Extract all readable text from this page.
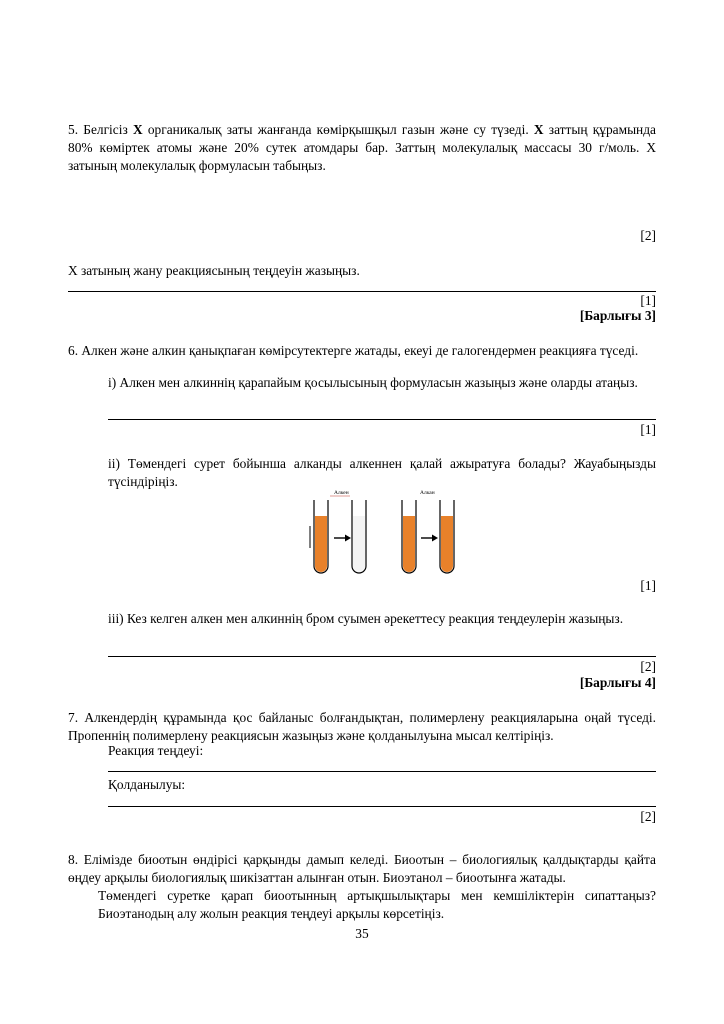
5. Белгісіз X органикалық заты жанғанда көмірқышқыл газын және су түзеді. X заттың құрамында 80% көміртек атомы және 20% сутек атомдары бар. Заттың молекулалық массасы 30 г/моль. X затының молекулалық формуласын табыңыз.
[2]
X затының жану реакциясының теңдеуін жазыңыз.
[1]
[Барлығы 3]
6. Алкен және алкин қанықпаған көмірсутектерге жатады, екеуі де галогендермен реакцияға түседі.
i) Алкен мен алкиннің қарапайым қосылысының формуласын жазыңыз және оларды атаңыз.
[1]
ii) Төмендегі сурет бойынша алканды алкеннен қалай ажыратуға болады? Жауабыңызды түсіндіріңіз.
Алкен	Алкан
[1]
iii) Кез келген алкен мен алкиннің бром суымен әрекеттесу реакция теңдеулерін жазыңыз.
[2]
[Барлығы 4]
7. Алкендердің құрамында қос байланыс болғандықтан, полимерлену реакцияларына оңай түседі. Пропеннің полимерлену реакциясын жазыңыз және қолданылуына мысал келтіріңіз.
Реакция теңдеуі:
Қолданылуы:
[2]
8. Елімізде биоотын өндірісі қарқынды дамып келеді. Биоотын – биологиялық қалдықтарды қайта өңдеу арқылы биологиялық шикізаттан алынған отын. Биоэтанол – биоотынға жатады.
Төмендегі суретке қарап биоотынның артықшылықтары мен кемшіліктерін сипаттаңыз? Биоэтанодың алу жолын реакция теңдеуі арқылы көрсетіңіз.
35
